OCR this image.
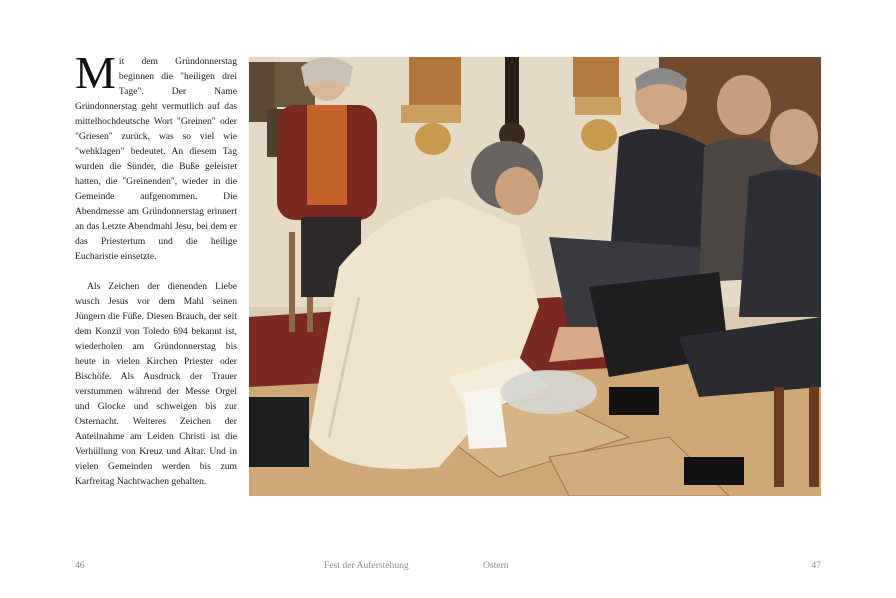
Mit dem Gründonnerstag beginnen die "heiligen drei Tage". Der Name Gründonnerstag geht vermutlich auf das mittelhochdeutsche Wort "Greinen" oder "Griesen" zurück, was so viel wie "wehklagen" bedeutet. An diesem Tag wurden die Sünder, die Buße geleistet hatten, die "Greinenden", wieder in die Gemeinde aufgenommen. Die Abendmesse am Gründonnerstag erinnert an das Letzte Abendmahl Jesu, bei dem er das Priestertum und die heilige Eucharistie einsetzte.

Als Zeichen der dienenden Liebe wusch Jesus vor dem Mahl seinen Jüngern die Füße. Diesen Brauch, der seit dem Konzil von Toledo 694 bekannt ist, wiederholen am Gründonnerstag bis heute in vielen Kirchen Priester oder Bischöfe. Als Ausdruck der Trauer verstummen während der Messe Orgel und Glocke und schweigen bis zur Osternacht. Weiteres Zeichen der Anteilnahme am Leiden Christi ist die Verhüllung von Kreuz und Altar. Und in vielen Gemeinden werden bis zum Karfreitag Nachtwachen gehalten.

46	Fest der Auferstehung	Ostern	47
